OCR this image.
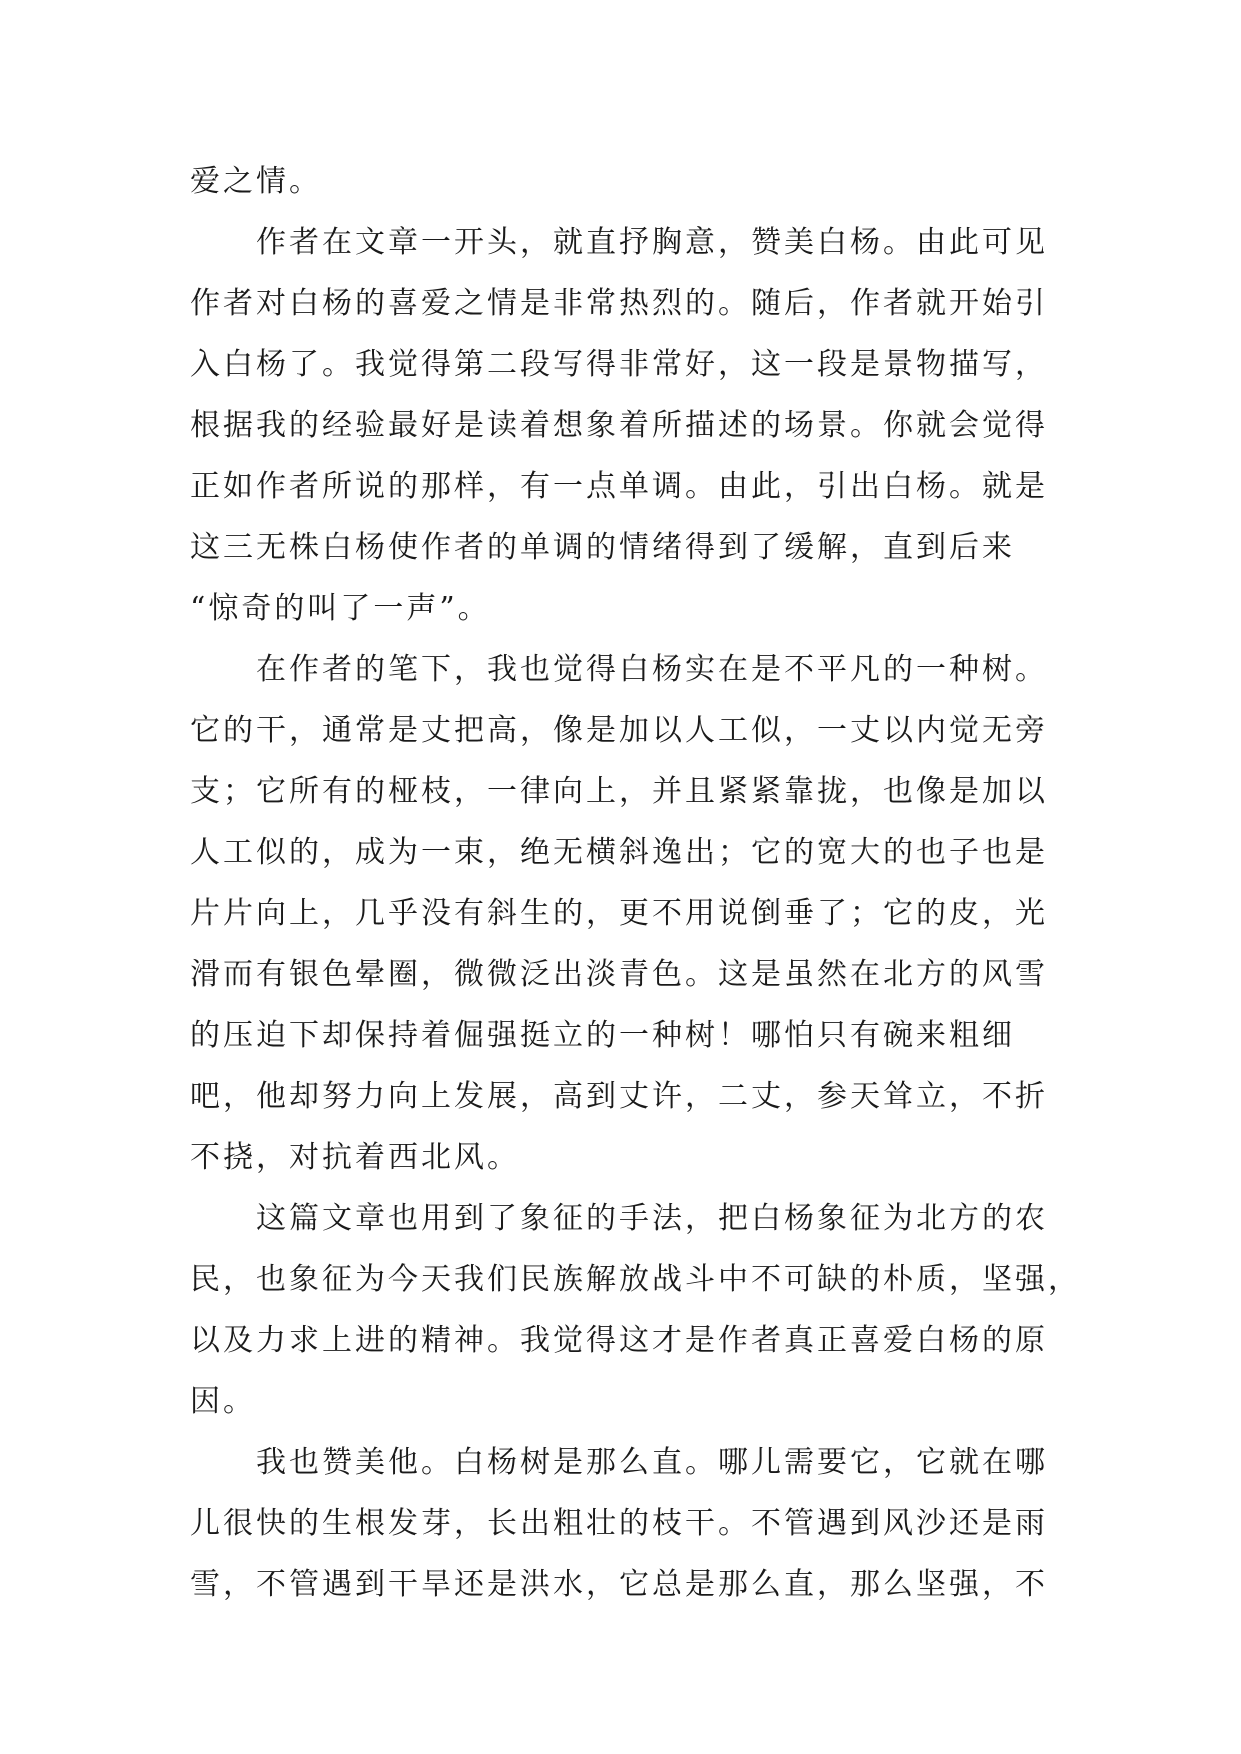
爱之情。
作者在文章一开头，就直抒胸意，赞美白杨。由此可见
作者对白杨的喜爱之情是非常热烈的。随后，作者就开始引
入白杨了。我觉得第二段写得非常好，这一段是景物描写，
根据我的经验最好是读着想象着所描述的场景。你就会觉得
正如作者所说的那样，有一点单调。由此，引出白杨。就是
这三无株白杨使作者的单调的情绪得到了缓解，直到后来
“惊奇的叫了一声”。
在作者的笔下，我也觉得白杨实在是不平凡的一种树。
它的干，通常是丈把高，像是加以人工似，一丈以内觉无旁
支；它所有的桠枝，一律向上，并且紧紧靠拢，也像是加以
人工似的，成为一束，绝无横斜逸出；它的宽大的也子也是
片片向上，几乎没有斜生的，更不用说倒垂了；它的皮，光
滑而有银色晕圈，微微泛出淡青色。这是虽然在北方的风雪
的压迫下却保持着倔强挺立的一种树！哪怕只有碗来粗细
吧，他却努力向上发展，高到丈许，二丈，参天耸立，不折
不挠，对抗着西北风。
这篇文章也用到了象征的手法，把白杨象征为北方的农
民，也象征为今天我们民族解放战斗中不可缺的朴质，坚强，
以及力求上进的精神。我觉得这才是作者真正喜爱白杨的原
因。
我也赞美他。白杨树是那么直。哪儿需要它，它就在哪
儿很快的生根发芽，长出粗壮的枝干。不管遇到风沙还是雨
雪，不管遇到干旱还是洪水，它总是那么直，那么坚强，不
